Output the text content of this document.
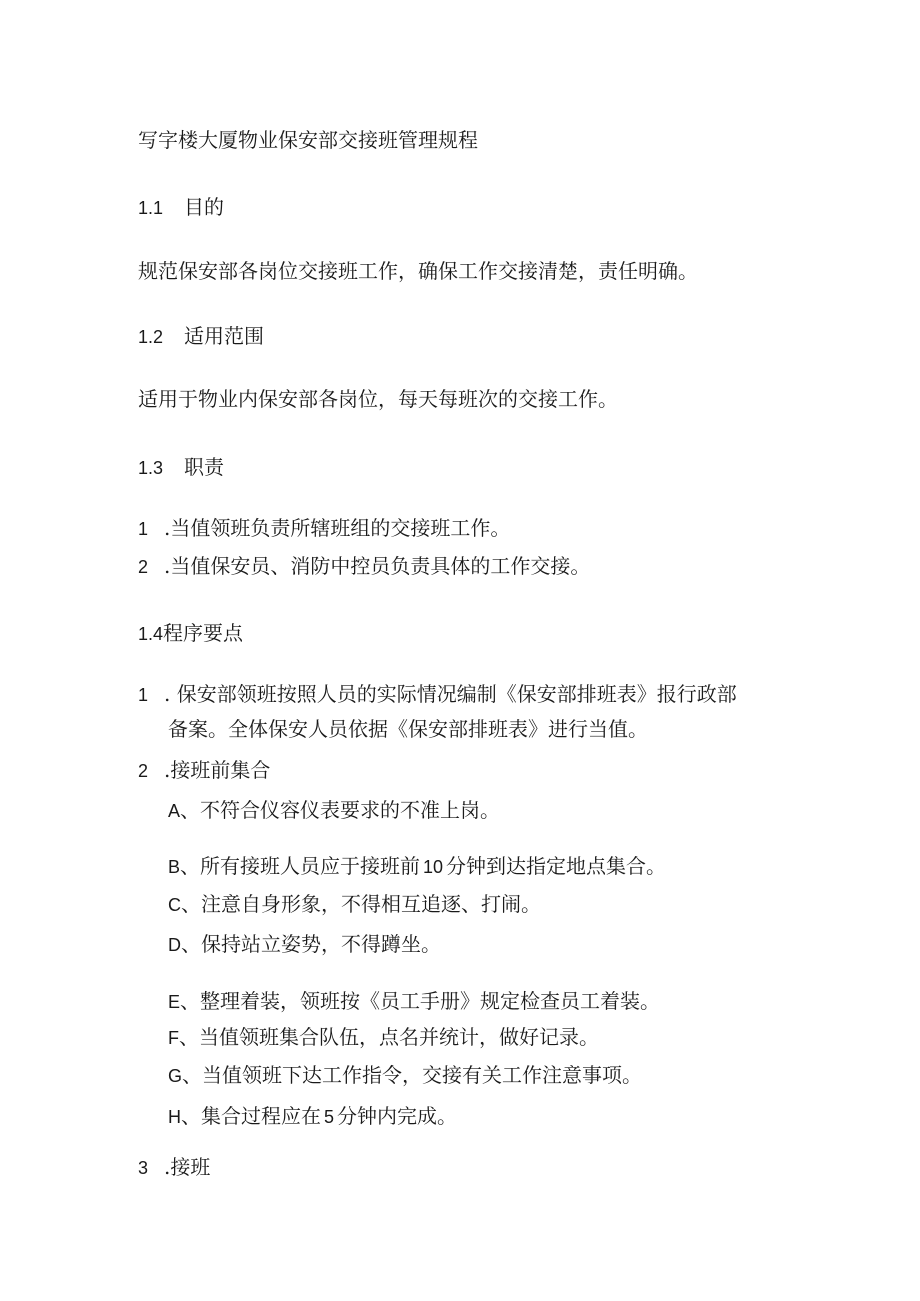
写字楼大厦物业保安部交接班管理规程
1.1 目的
规范保安部各岗位交接班工作，确保工作交接清楚，责任明确。
1.2 适用范围
适用于物业内保安部各岗位，每天每班次的交接工作。
1.3 职责
1 .当值领班负责所辖班组的交接班工作。
2 .当值保安员、消防中控员负责具体的工作交接。
1.4程序要点
1 . 保安部领班按照人员的实际情况编制《保安部排班表》报行政部
备案。全体保安人员依据《保安部排班表》进行当值。
2 .接班前集合
A、不符合仪容仪表要求的不准上岗。
B、所有接班人员应于接班前 10 分钟到达指定地点集合。
C、注意自身形象，不得相互追逐、打闹。
D、保持站立姿势，不得蹲坐。
E、整理着装，领班按《员工手册》规定检查员工着装。
F、当值领班集合队伍，点名并统计，做好记录。
G、当值领班下达工作指令，交接有关工作注意事项。
H、集合过程应在 5 分钟内完成。
3 .接班
